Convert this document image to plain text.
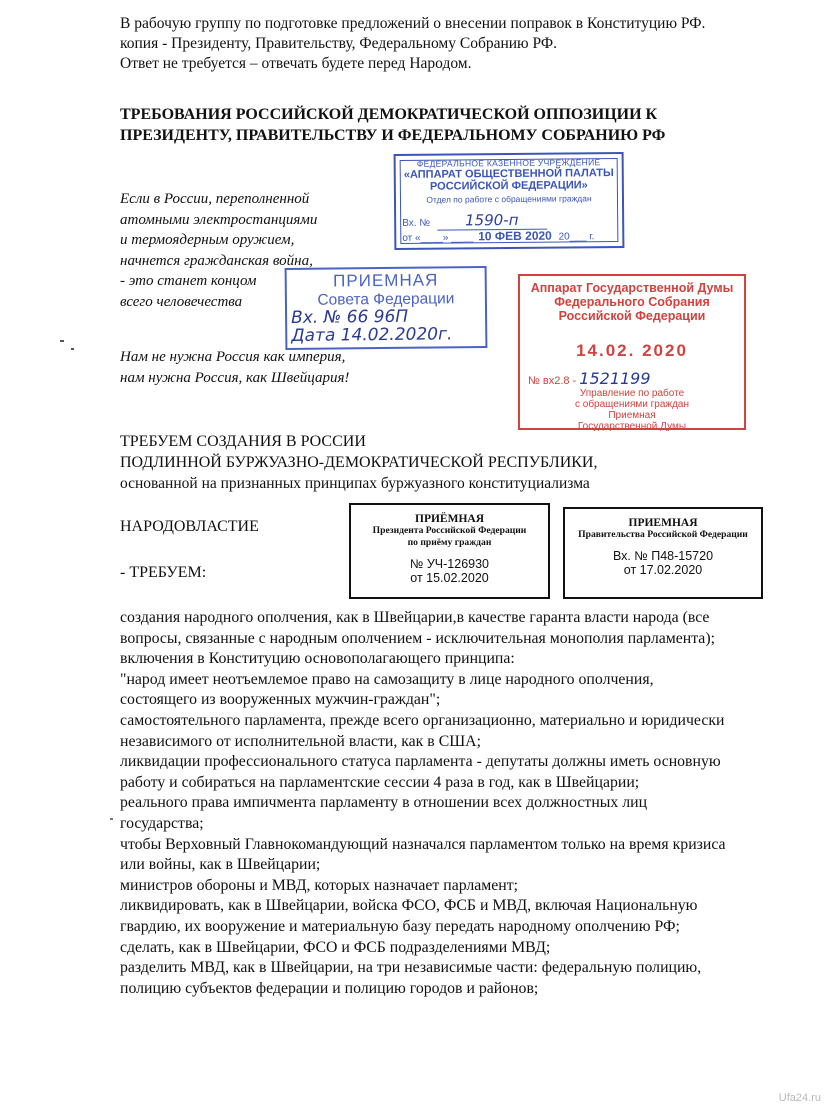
В рабочую группу по подготовке предложений о внесении поправок в Конституцию РФ.
копия - Президенту, Правительству, Федеральному Собранию РФ.
Ответ не требуется – отвечать будете перед Народом.
ТРЕБОВАНИЯ РОССИЙСКОЙ ДЕМОКРАТИЧЕСКОЙ ОППОЗИЦИИ К
ПРЕЗИДЕНТУ, ПРАВИТЕЛЬСТВУ И ФЕДЕРАЛЬНОМУ СОБРАНИЮ РФ
Если в России, переполненной
атомными электростанциями
и термоядерным оружием,
начнется гражданская война,
- это станет концом
всего человечества
Нам не нужна Россия как империя,
нам нужна Россия, как Швейцария!
ФЕДЕРАЛЬНОЕ КАЗЕННОЕ УЧРЕЖДЕНИЕ
«АППАРАТ ОБЩЕСТВЕННОЙ ПАЛАТЫ
РОССИЙСКОЙ ФЕДЕРАЦИИ»
Отдел по работе с обращениями граждан
Вх. № 1590-п
от «____» ____ 10 ФЕВ 2020 20___ г.
ПРИЕМНАЯ
Совета Федерации
Вх. № 66 96П
Дата 14.02.2020г.
Аппарат Государственной Думы
Федерального Собрания
Российской Федерации
14.02. 2020
№ вх2.8 - 1521199
Управление по работе
с обращениями граждан
Приемная
Государственной Думы
ТРЕБУЕМ СОЗДАНИЯ В РОССИИ
ПОДЛИННОЙ БУРЖУАЗНО-ДЕМОКРАТИЧЕСКОЙ РЕСПУБЛИКИ,
основанной на признанных принципах буржуазного конституциализма
НАРОДОВЛАСТИЕ
- ТРЕБУЕМ:
ПРИЁМНАЯ
Президента Российской Федерации
по приёму граждан
№ УЧ-126930
от 15.02.2020
ПРИЕМНАЯ
Правительства Российской Федерации
Вх. № П48-15720
от 17.02.2020
создания народного ополчения, как в Швейцарии,в качестве гаранта власти народа (все
вопросы, связанные с народным ополчением - исключительная монополия парламента);
включения в Конституцию основополагающего принципа:
"народ имеет неотъемлемое право на самозащиту в лице народного ополчения,
состоящего из вооруженных мужчин-граждан";
самостоятельного парламента, прежде всего организационно, материально и юридически
независимого от исполнительной власти, как в США;
ликвидации профессионального статуса парламента - депутаты должны иметь основную
работу и собираться на парламентские сессии 4 раза в год, как в Швейцарии;
реального права импичмента парламенту в отношении всех должностных лиц
государства;
чтобы Верховный Главнокомандующий назначался парламентом только на время кризиса
или войны, как в Швейцарии;
министров обороны и МВД, которых назначает парламент;
ликвидировать, как в Швейцарии, войска ФСО, ФСБ и МВД, включая Национальную
гвардию, их вооружение и материальную базу передать народному ополчению РФ;
сделать, как в Швейцарии, ФСО и ФСБ подразделениями МВД;
разделить МВД, как в Швейцарии, на три независимые части: федеральную полицию,
полицию субъектов федерации и полицию городов и районов;
Ufa24.ru
